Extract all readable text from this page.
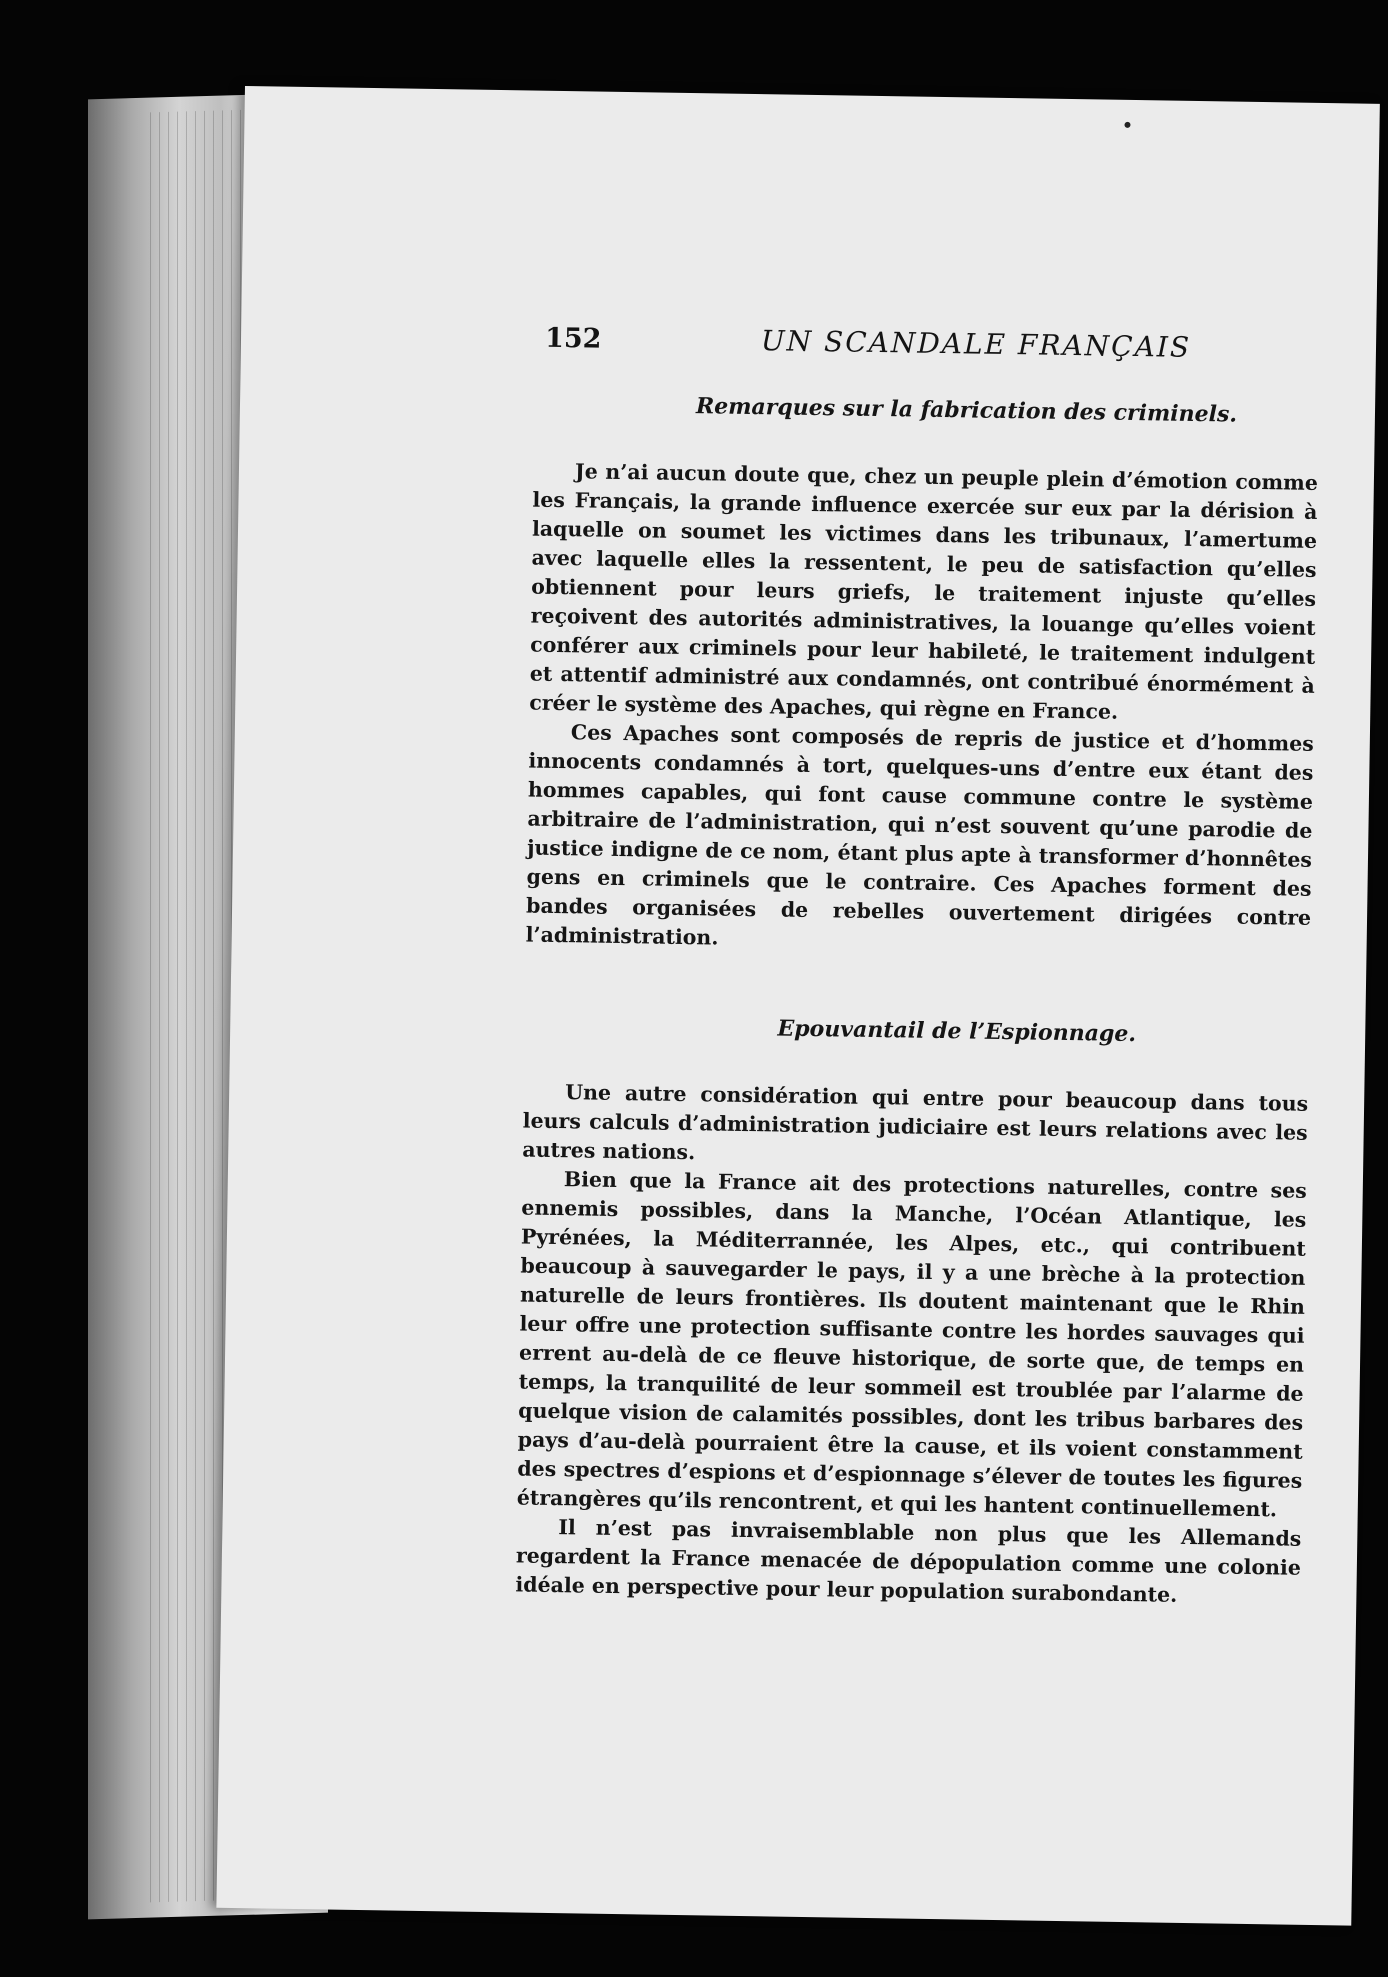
152	UN SCANDALE FRANÇAIS

Remarques sur la fabrication des criminels.

Je n’ai aucun doute que, chez un peuple plein d’émotion comme les Français, la grande influence exercée sur eux par la dérision à laquelle on soumet les victimes dans les tribunaux, l’amertume avec laquelle elles la ressentent, le peu de satisfaction qu’elles obtiennent pour leurs griefs, le traitement injuste qu’elles reçoivent des autorités administratives, la louange qu’elles voient conférer aux criminels pour leur habileté, le traitement indulgent et attentif administré aux condamnés, ont contribué énormément à créer le système des Apaches, qui règne en France.

Ces Apaches sont composés de repris de justice et d’hommes innocents condamnés à tort, quelques-uns d’entre eux étant des hommes capables, qui font cause commune contre le système arbitraire de l’administration, qui n’est souvent qu’une parodie de justice indigne de ce nom, étant plus apte à transformer d’honnêtes gens en criminels que le contraire. Ces Apaches forment des bandes organisées de rebelles ouvertement dirigées contre l’administration.

Epouvantail de l’Espionnage.

Une autre considération qui entre pour beaucoup dans tous leurs calculs d’administration judiciaire est leurs relations avec les autres nations.

Bien que la France ait des protections naturelles, contre ses ennemis possibles, dans la Manche, l’Océan Atlantique, les Pyrénées, la Méditerrannée, les Alpes, etc., qui contribuent beaucoup à sauvegarder le pays, il y a une brèche à la protection naturelle de leurs frontières. Ils doutent maintenant que le Rhin leur offre une protection suffisante contre les hordes sauvages qui errent au-delà de ce fleuve historique, de sorte que, de temps en temps, la tranquilité de leur sommeil est troublée par l’alarme de quelque vision de calamités possibles, dont les tribus barbares des pays d’au-delà pourraient être la cause, et ils voient constamment des spectres d’espions et d’espionnage s’élever de toutes les figures étrangères qu’ils rencontrent, et qui les hantent continuellement.

Il n’est pas invraisemblable non plus que les Allemands regardent la France menacée de dépopulation comme une colonie idéale en perspective pour leur population surabondante.
